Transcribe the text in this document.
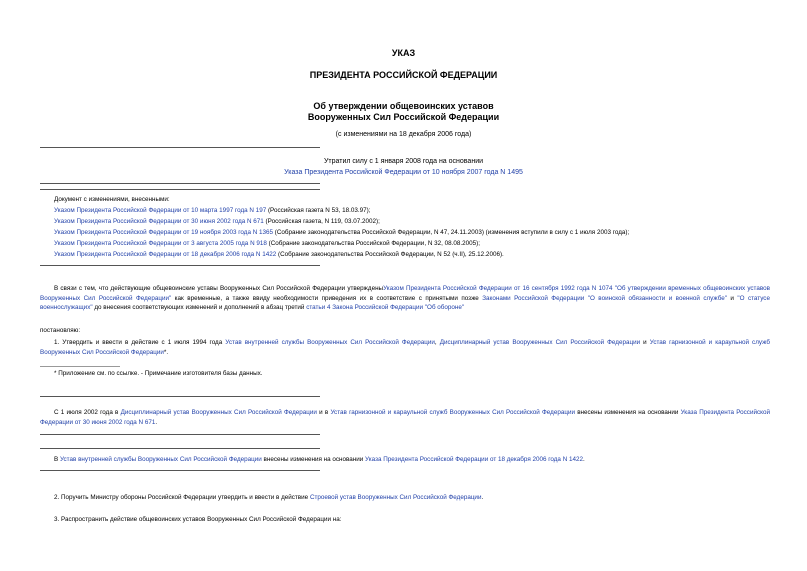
УКАЗ
ПРЕЗИДЕНТА РОССИЙСКОЙ ФЕДЕРАЦИИ
Об утверждении общевоинских уставов
Вооруженных Сил Российской Федерации
(с изменениями на 18 декабря 2006 года)
Утратил силу с 1 января 2008 года на основании
Указа Президента Российской Федерации от 10 ноября 2007 года N 1495
Документ с изменениями, внесенными:
Указом Президента Российской Федерации от 10 марта 1997 года N 197 (Российская газета N 53, 18.03.97);
Указом Президента Российской Федерации от 30 июня 2002 года N 671 (Российская газета, N 119, 03.07.2002);
Указом Президента Российской Федерации от 19 ноября 2003 года N 1365 (Собрание законодательства Российской Федерации, N 47, 24.11.2003) (изменения вступили в силу с 1 июля 2003 года);
Указом Президента Российской Федерации от 3 августа 2005 года N 918 (Собрание законодательства Российской Федерации, N 32, 08.08.2005);
Указом Президента Российской Федерации от 18 декабря 2006 года N 1422 (Собрание законодательства Российской Федерации, N 52 (ч.II), 25.12.2006).
В связи с тем, что действующие общевоинские уставы Вооруженных Сил Российской Федерации утвержденыУказом Президента Российской Федерации от 16 сентября 1992 года N 1074 "Об утверждении временных общевоинских уставов Вооруженных Сил Российской Федерации" как временные, а также ввиду необходимости приведения их в соответствие с принятыми позже Законами Российской Федерации "О воинской обязанности и военной службе" и "О статусе военнослужащих" до внесения соответствующих изменений и дополнений в абзац третий статьи 4 Закона Российской Федерации "Об обороне"
постановляю:
1. Утвердить и ввести в действие с 1 июля 1994 года Устав внутренней службы Вооруженных Сил Российской Федерации, Дисциплинарный устав Вооруженных Сил Российской Федерации и Устав гарнизонной и караульной служб Вооруженных Сил Российской Федерации*.
* Приложение см. по ссылке. - Примечание изготовителя базы данных.
С 1 июля 2002 года в Дисциплинарный устав Вооруженных Сил Российской Федерации и в Устав гарнизонной и караульной служб Вооруженных Сил Российской Федерации внесены изменения на основании Указа Президента Российской Федерации от 30 июня 2002 года N 671.
В Устав внутренней службы Вооруженных Сил Российской Федерации внесены изменения на основании Указа Президента Российской Федерации от 18 декабря 2006 года N 1422.
2. Поручить Министру обороны Российской Федерации утвердить и ввести в действие Строевой устав Вооруженных Сил Российской Федерации.
3. Распространить действие общевоинских уставов Вооруженных Сил Российской Федерации на:
